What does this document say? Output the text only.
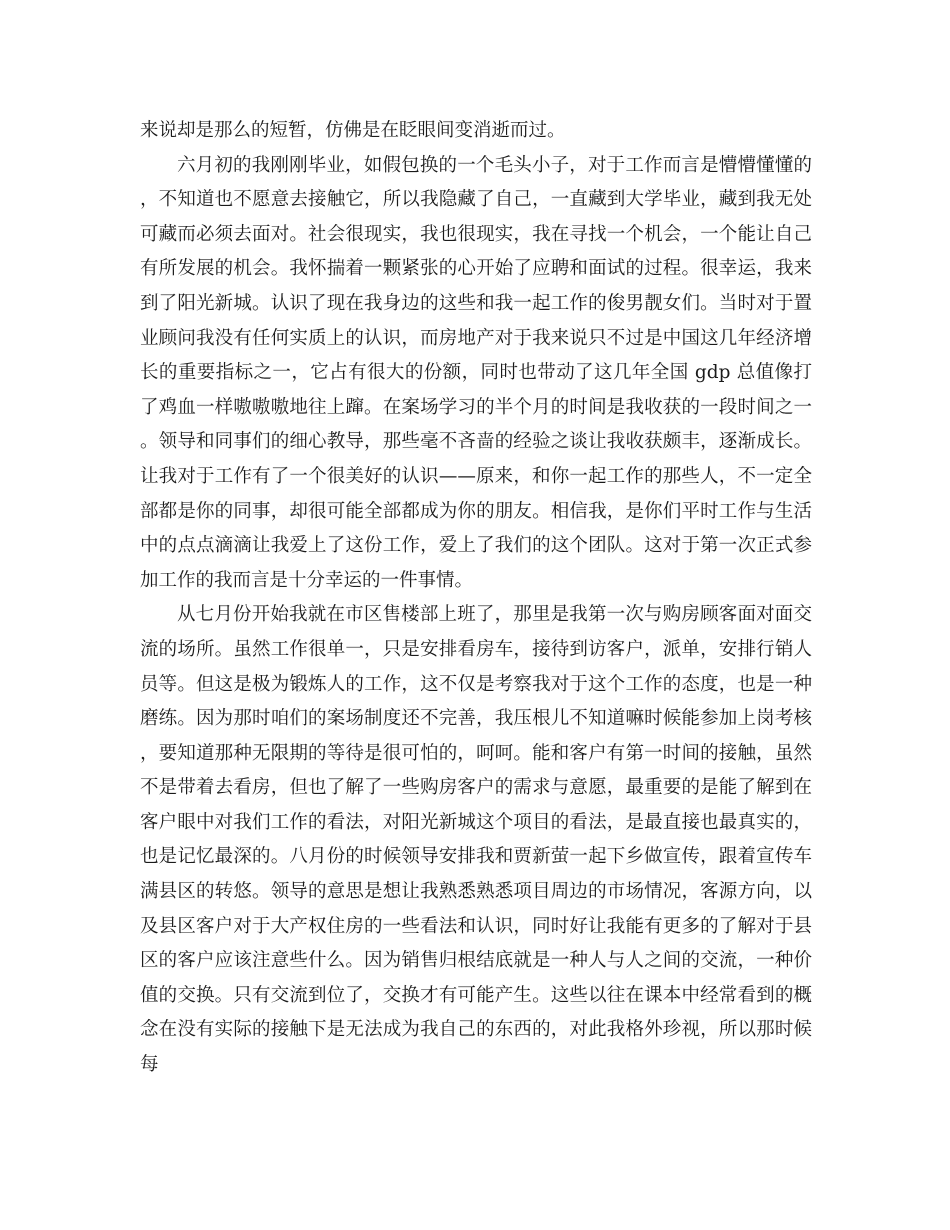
来说却是那么的短暂，仿佛是在眨眼间变消逝而过。

六月初的我刚刚毕业，如假包换的一个毛头小子，对于工作而言是懵懵懂懂的，不知道也不愿意去接触它，所以我隐藏了自己，一直藏到大学毕业，藏到我无处可藏而必须去面对。社会很现实，我也很现实，我在寻找一个机会，一个能让自己有所发展的机会。我怀揣着一颗紧张的心开始了应聘和面试的过程。很幸运，我来到了阳光新城。认识了现在我身边的这些和我一起工作的俊男靓女们。当时对于置业顾问我没有任何实质上的认识，而房地产对于我来说只不过是中国这几年经济增长的重要指标之一，它占有很大的份额，同时也带动了这几年全国 gdp 总值像打了鸡血一样嗷嗷嗷地往上蹿。在案场学习的半个月的时间是我收获的一段时间之一。领导和同事们的细心教导，那些毫不吝啬的经验之谈让我收获颇丰，逐渐成长。让我对于工作有了一个很美好的认识——原来，和你一起工作的那些人，不一定全部都是你的同事，却很可能全部都成为你的朋友。相信我，是你们平时工作与生活中的点点滴滴让我爱上了这份工作，爱上了我们的这个团队。这对于第一次正式参加工作的我而言是十分幸运的一件事情。

从七月份开始我就在市区售楼部上班了，那里是我第一次与购房顾客面对面交流的场所。虽然工作很单一，只是安排看房车，接待到访客户，派单，安排行销人员等。但这是极为锻炼人的工作，这不仅是考察我对于这个工作的态度，也是一种磨练。因为那时咱们的案场制度还不完善，我压根儿不知道嘛时候能参加上岗考核，要知道那种无限期的等待是很可怕的，呵呵。能和客户有第一时间的接触，虽然不是带着去看房，但也了解了一些购房客户的需求与意愿，最重要的是能了解到在客户眼中对我们工作的看法，对阳光新城这个项目的看法，是最直接也最真实的，也是记忆最深的。八月份的时候领导安排我和贾新萤一起下乡做宣传，跟着宣传车满县区的转悠。领导的意思是想让我熟悉熟悉项目周边的市场情况，客源方向，以及县区客户对于大产权住房的一些看法和认识，同时好让我能有更多的了解对于县区的客户应该注意些什么。因为销售归根结底就是一种人与人之间的交流，一种价值的交换。只有交流到位了，交换才有可能产生。这些以往在课本中经常看到的概念在没有实际的接触下是无法成为我自己的东西的，对此我格外珍视，所以那时候每
